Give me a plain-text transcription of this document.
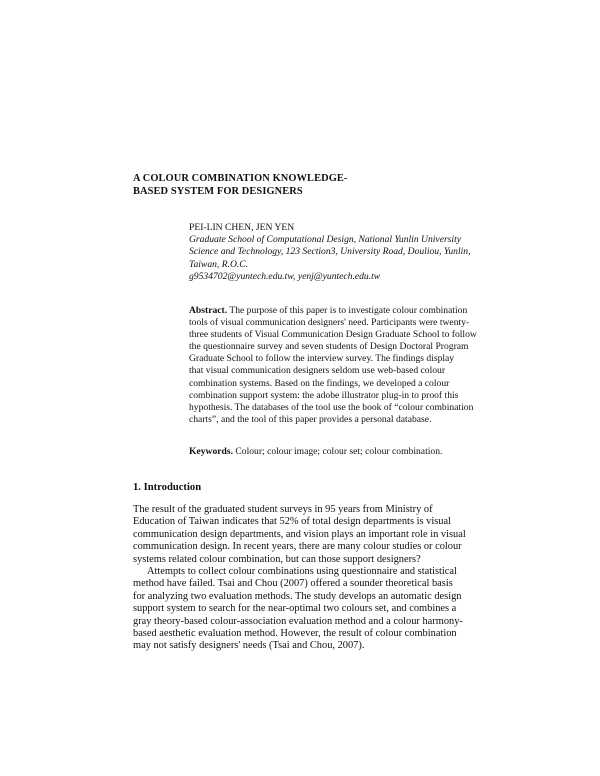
A COLOUR COMBINATION KNOWLEDGE-
BASED SYSTEM FOR DESIGNERS
PEI-LIN CHEN, JEN YEN
Graduate School of Computational Design, National Yunlin University
Science and Technology, 123 Section3, University Road, Douliou, Yunlin,
Taiwan, R.O.C.
g9534702@yuntech.edu.tw, yenj@yuntech.edu.tw
Abstract. The purpose of this paper is to investigate colour combination
tools of visual communication designers' need. Participants were twenty-
three students of Visual Communication Design Graduate School to follow
the questionnaire survey and seven students of Design Doctoral Program
Graduate School to follow the interview survey. The findings display
that visual communication designers seldom use web-based colour
combination systems. Based on the findings, we developed a colour
combination support system: the adobe illustrator plug-in to proof this
hypothesis. The databases of the tool use the book of “colour combination
charts”, and the tool of this paper provides a personal database.
Keywords. Colour; colour image; colour set; colour combination.
1. Introduction
The result of the graduated student surveys in 95 years from Ministry of
Education of Taiwan indicates that 52% of total design departments is visual
communication design departments, and vision plays an important role in visual
communication design. In recent years, there are many colour studies or colour
systems related colour combination, but can those support designers?
Attempts to collect colour combinations using questionnaire and statistical
method have failed. Tsai and Chou (2007) offered a sounder theoretical basis
for analyzing two evaluation methods. The study develops an automatic design
support system to search for the near-optimal two colours set, and combines a
gray theory-based colour-association evaluation method and a colour harmony-
based aesthetic evaluation method. However, the result of colour combination
may not satisfy designers' needs (Tsai and Chou, 2007).
